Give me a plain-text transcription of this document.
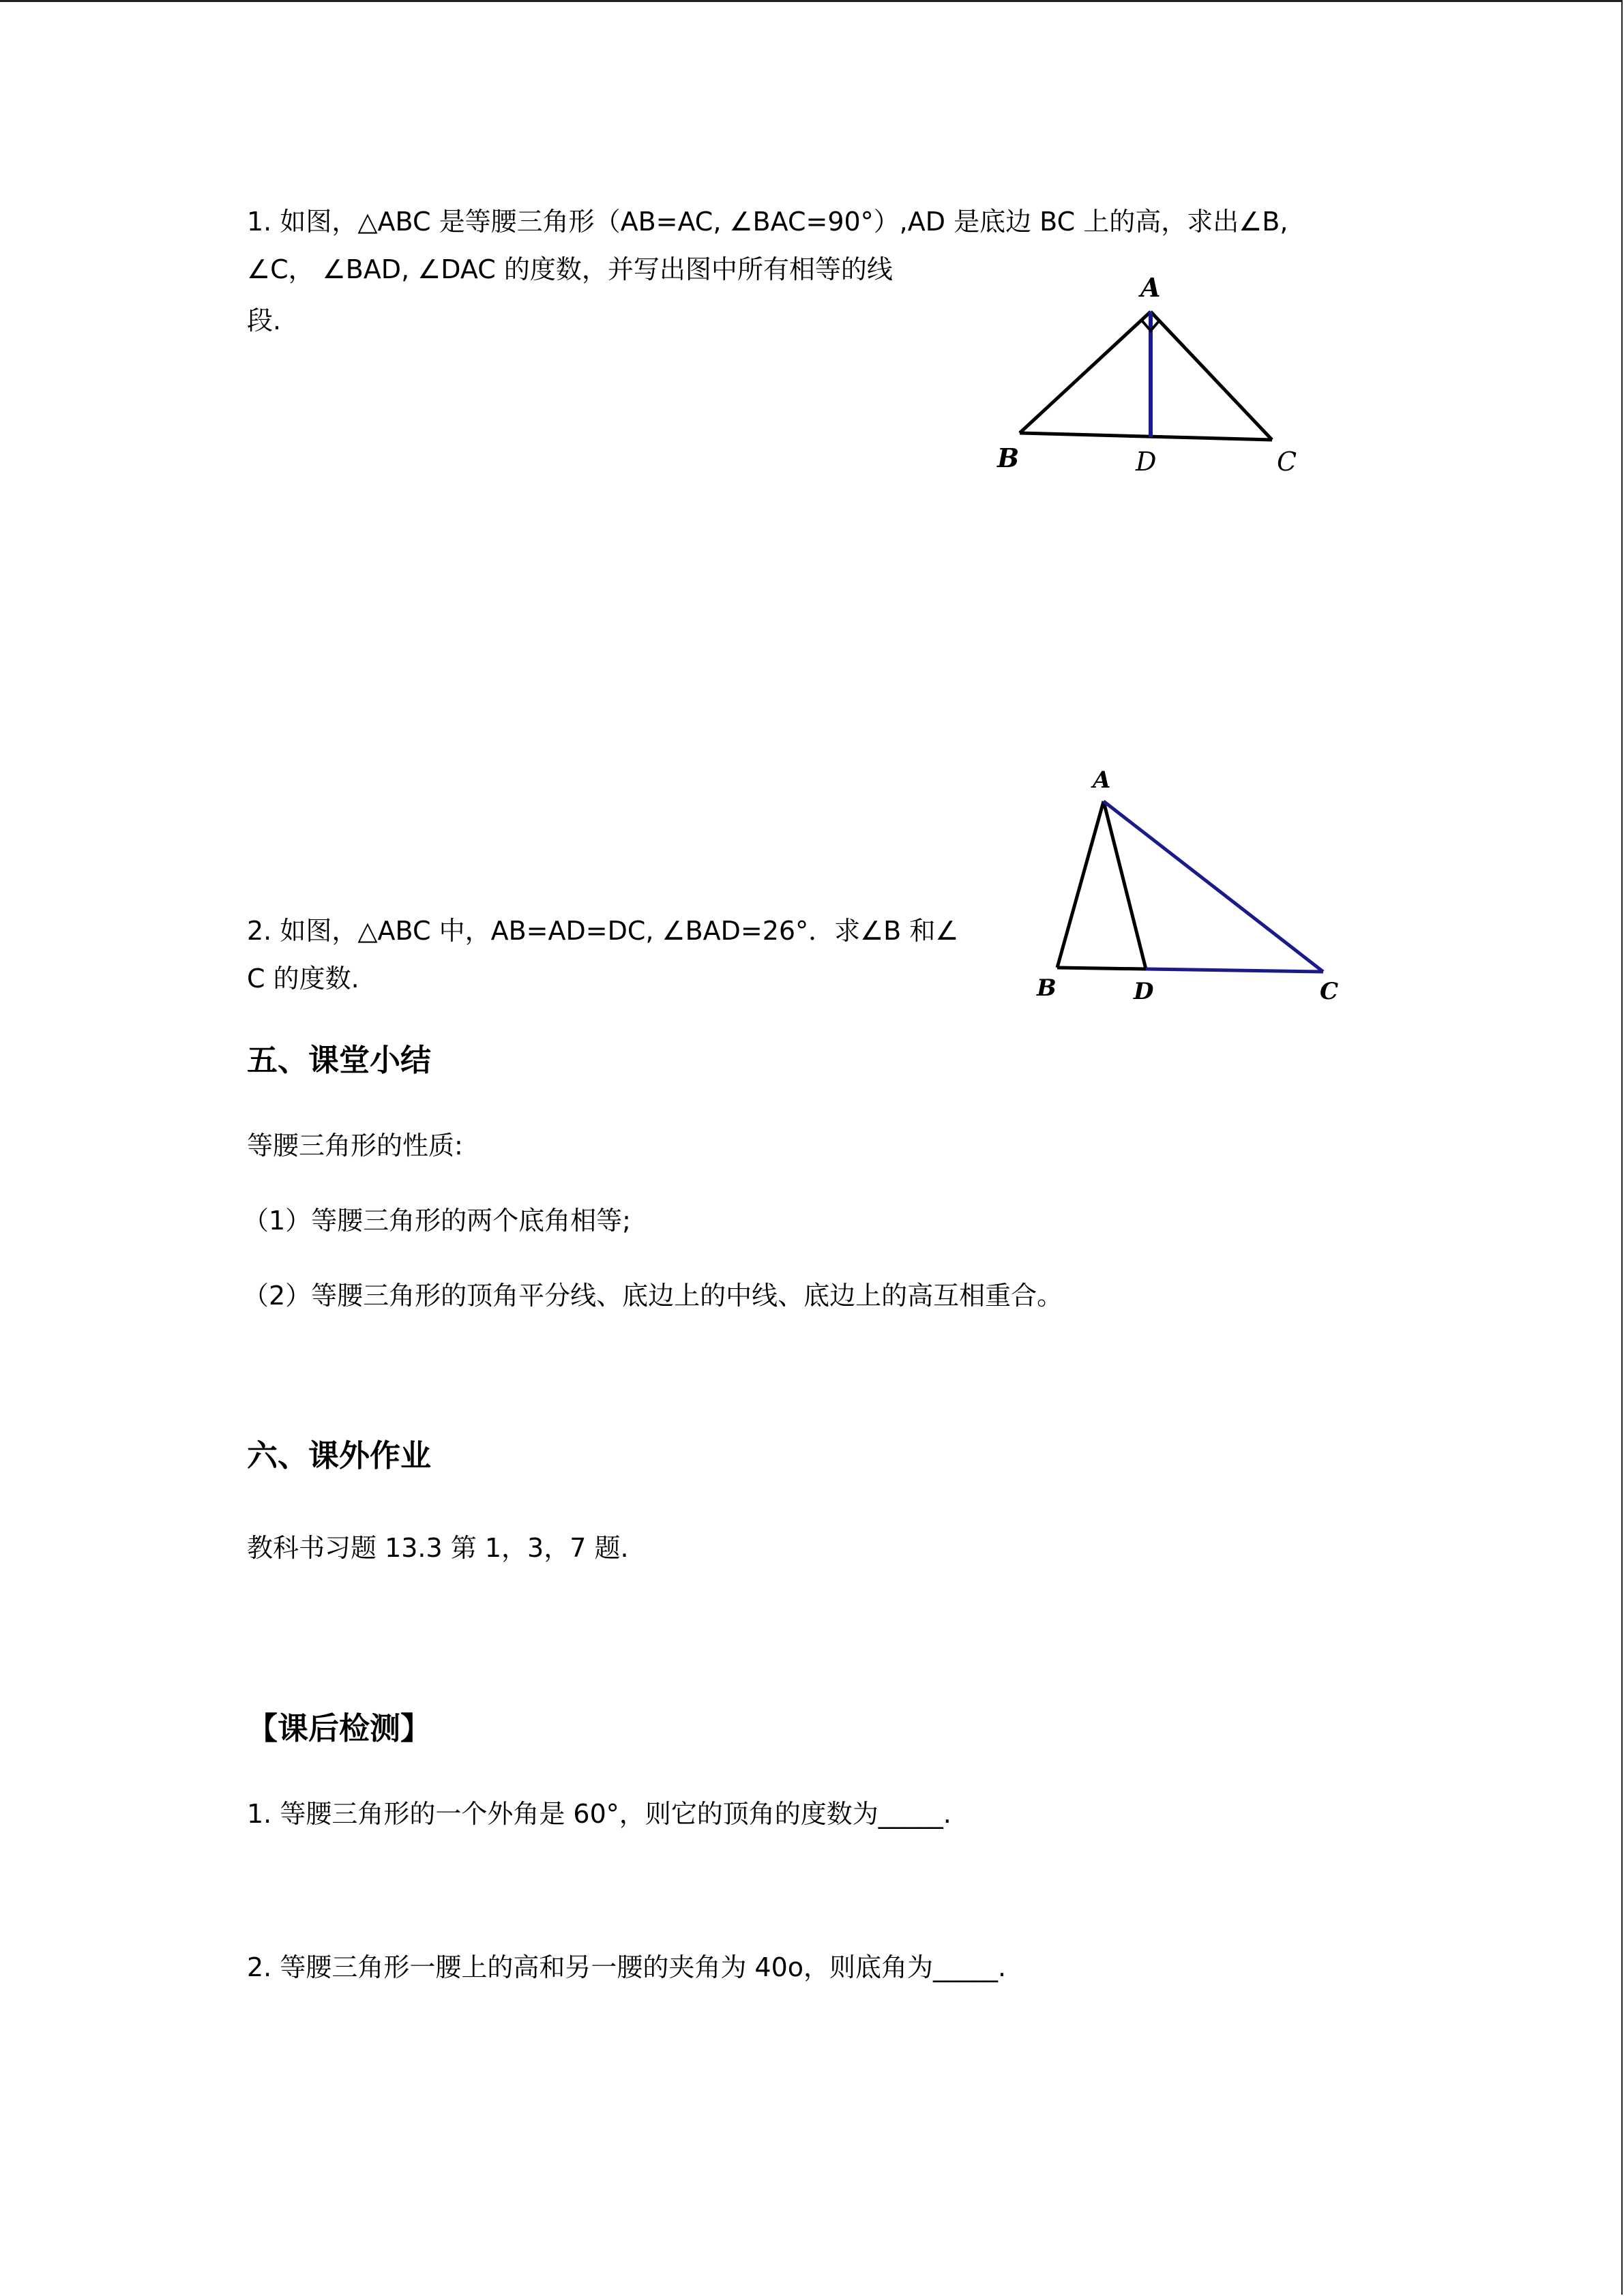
1. 如图，△ABC 是等腰三角形（AB=AC, ∠BAC=90°）,AD 是底边 BC 上的高，求出∠B,
∠C， ∠BAD, ∠DAC 的度数，并写出图中所有相等的线
段.
A
B	D	C
A
B	D	C
2. 如图，△ABC 中，AB=AD=DC, ∠BAD=26°．求∠B 和∠
C 的度数.
五、课堂小结
等腰三角形的性质:
（1）等腰三角形的两个底角相等;
（2）等腰三角形的顶角平分线、底边上的中线、底边上的高互相重合。
六、课外作业
教科书习题 13.3 第 1，3，7 题.
【课后检测】
1. 等腰三角形的一个外角是 60°，则它的顶角的度数为_____.
2. 等腰三角形一腰上的高和另一腰的夹角为 40o，则底角为_____.
